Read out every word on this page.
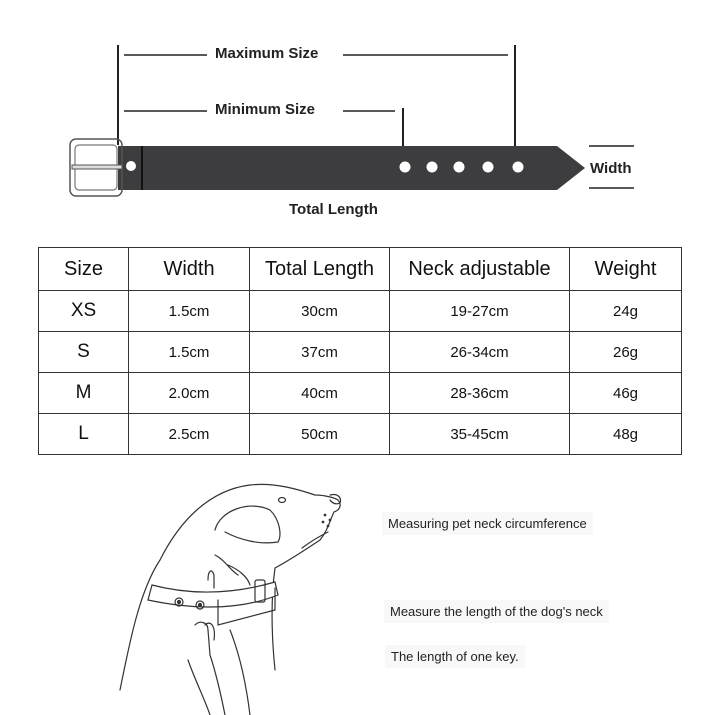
Maximum Size
Minimum Size
Total Length
Width
Size	Width	Total Length	Neck adjustable	Weight
XS	1.5cm	30cm	19-27cm	24g
S	1.5cm	37cm	26-34cm	26g
M	2.0cm	40cm	28-36cm	46g
L	2.5cm	50cm	35-45cm	48g
Measuring pet neck circumference
Measure the length of the dog's neck
The length of one key.
